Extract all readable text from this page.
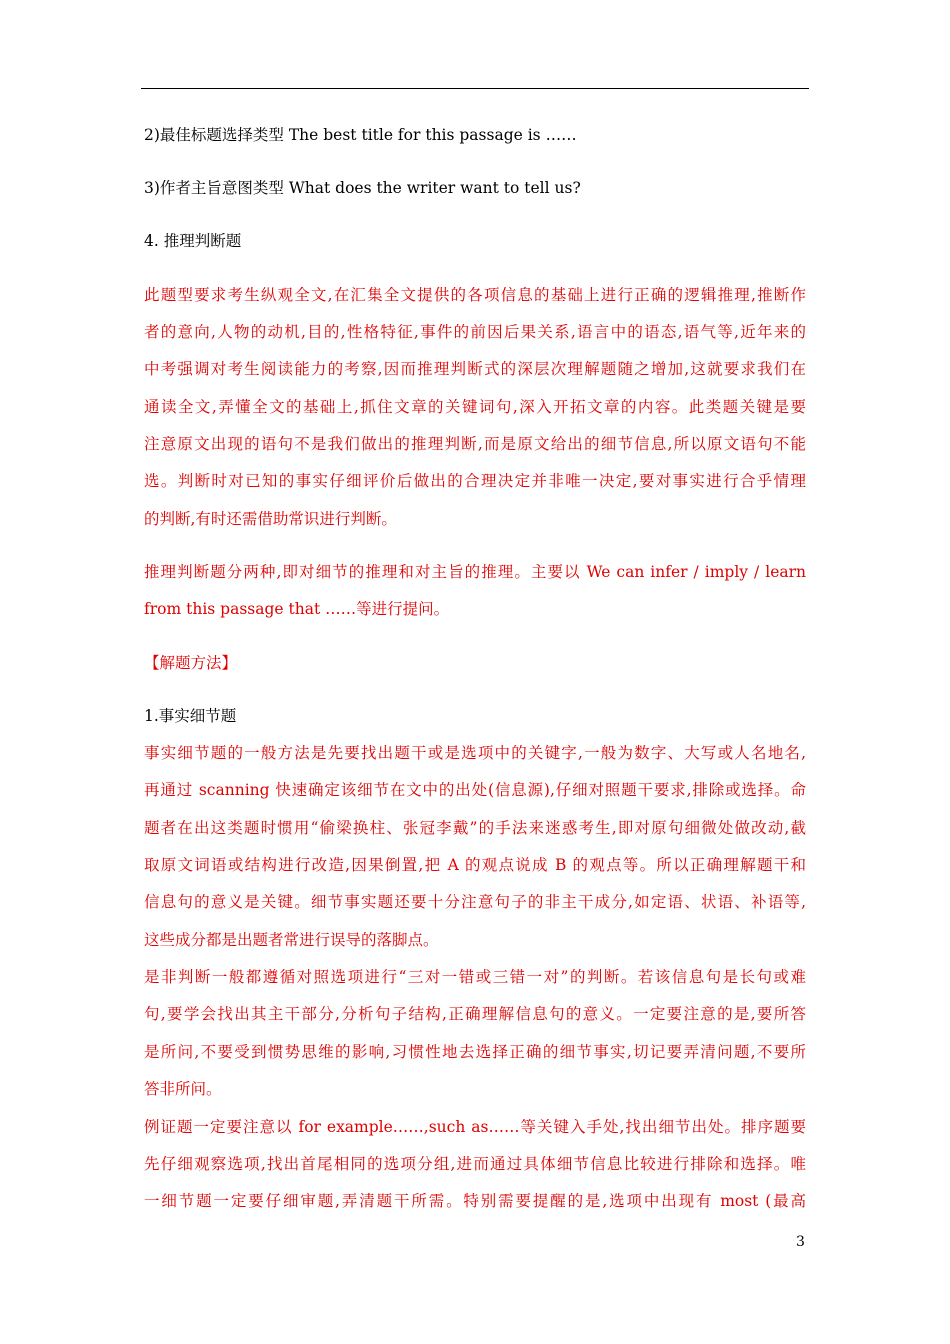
2)最佳标题选择类型 The best title for this passage is ……

3)作者主旨意图类型 What does the writer want to tell us?

4. 推理判断题

此题型要求考生纵观全文,在汇集全文提供的各项信息的基础上进行正确的逻辑推理,推断作

者的意向,人物的动机,目的,性格特征,事件的前因后果关系,语言中的语态,语气等,近年来的

中考强调对考生阅读能力的考察,因而推理判断式的深层次理解题随之增加,这就要求我们在

通读全文,弄懂全文的基础上,抓住文章的关键词句,深入开拓文章的内容。此类题关键是要

注意原文出现的语句不是我们做出的推理判断,而是原文给出的细节信息,所以原文语句不能

选。判断时对已知的事实仔细评价后做出的合理决定并非唯一决定,要对事实进行合乎情理

的判断,有时还需借助常识进行判断。

推理判断题分两种,即对细节的推理和对主旨的推理。主要以 We can infer / imply / learn

from this passage that ……等进行提问。

【解题方法】

1.事实细节题

事实细节题的一般方法是先要找出题干或是选项中的关键字,一般为数字、大写或人名地名,

再通过 scanning 快速确定该细节在文中的出处(信息源),仔细对照题干要求,排除或选择。命

题者在出这类题时惯用“偷梁换柱、张冠李戴”的手法来迷惑考生,即对原句细微处做改动,截

取原文词语或结构进行改造,因果倒置,把 A 的观点说成 B 的观点等。所以正确理解题干和

信息句的意义是关键。细节事实题还要十分注意句子的非主干成分,如定语、状语、补语等,

这些成分都是出题者常进行误导的落脚点。

是非判断一般都遵循对照选项进行“三对一错或三错一对”的判断。若该信息句是长句或难

句,要学会找出其主干部分,分析句子结构,正确理解信息句的意义。一定要注意的是,要所答

是所问,不要受到惯势思维的影响,习惯性地去选择正确的细节事实,切记要弄清问题,不要所

答非所问。

例证题一定要注意以 for example……,such as……等关键入手处,找出细节出处。排序题要

先仔细观察选项,找出首尾相同的选项分组,进而通过具体细节信息比较进行排除和选择。唯

一细节题一定要仔细审题,弄清题干所需。特别需要提醒的是,选项中出现有 most (最高

3
